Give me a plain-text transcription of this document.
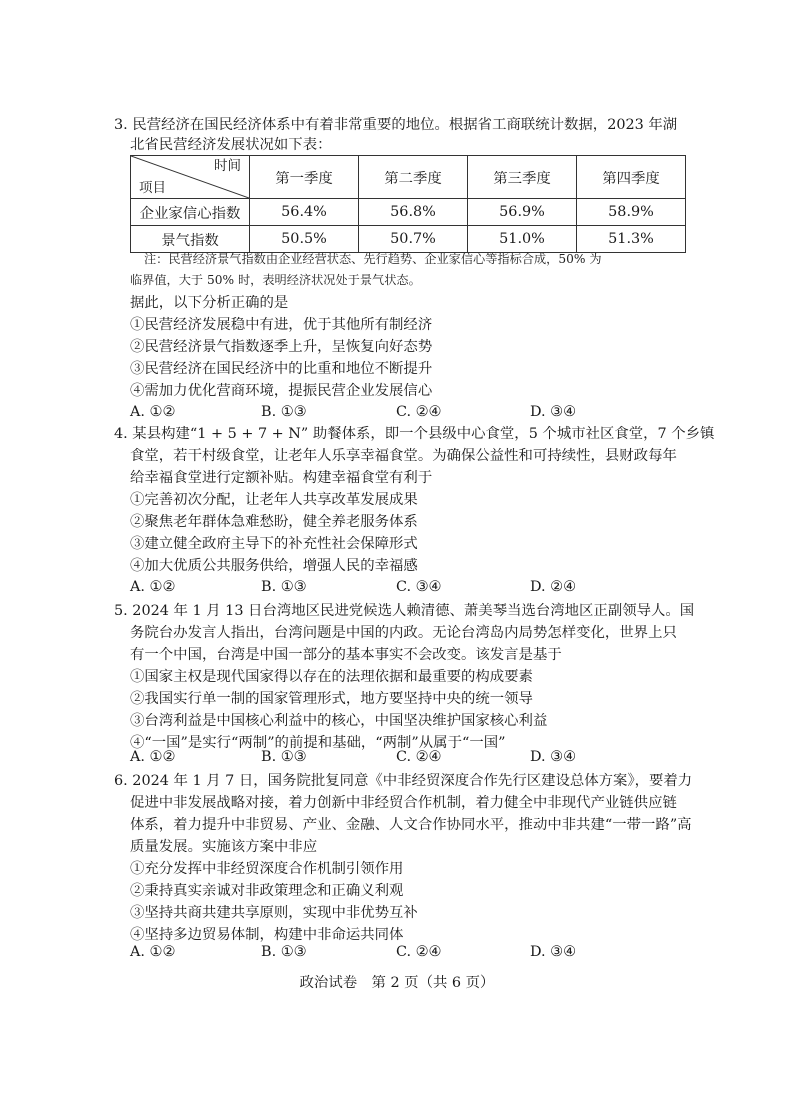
3. 民营经济在国民经济体系中有着非常重要的地位。根据省工商联统计数据，2023 年湖
北省民营经济发展状况如下表：
时间
项目	第一季度	第二季度	第三季度	第四季度
企业家信心指数	56.4%	56.8%	56.9%	58.9%
景气指数	50.5%	50.7%	51.0%	51.3%
注：民营经济景气指数由企业经营状态、先行趋势、企业家信心等指标合成，50% 为
临界值，大于 50% 时，表明经济状况处于景气状态。
据此，以下分析正确的是
①民营经济发展稳中有进，优于其他所有制经济
②民营经济景气指数逐季上升，呈恢复向好态势
③民营经济在国民经济中的比重和地位不断提升
④需加力优化营商环境，提振民营企业发展信心
A. ①②	B. ①③	C. ②④	D. ③④
4. 某县构建“1 + 5 + 7 + N” 助餐体系，即一个县级中心食堂，5 个城市社区食堂，7 个乡镇
食堂，若干村级食堂，让老年人乐享幸福食堂。为确保公益性和可持续性，县财政每年
给幸福食堂进行定额补贴。构建幸福食堂有利于
①完善初次分配，让老年人共享改革发展成果
②聚焦老年群体急难愁盼，健全养老服务体系
③建立健全政府主导下的补充性社会保障形式
④加大优质公共服务供给，增强人民的幸福感
A. ①②	B. ①③	C. ③④	D. ②④
5. 2024 年 1 月 13 日台湾地区民进党候选人赖清德、萧美琴当选台湾地区正副领导人。国
务院台办发言人指出，台湾问题是中国的内政。无论台湾岛内局势怎样变化，世界上只
有一个中国，台湾是中国一部分的基本事实不会改变。该发言是基于
①国家主权是现代国家得以存在的法理依据和最重要的构成要素
②我国实行单一制的国家管理形式，地方要坚持中央的统一领导
③台湾利益是中国核心利益中的核心，中国坚决维护国家核心利益
④“一国”是实行“两制”的前提和基础，“两制”从属于“一国”
A. ①②	B. ①③	C. ②④	D. ③④
6. 2024 年 1 月 7 日，国务院批复同意《中非经贸深度合作先行区建设总体方案》，要着力
促进中非发展战略对接，着力创新中非经贸合作机制，着力健全中非现代产业链供应链
体系，着力提升中非贸易、产业、金融、人文合作协同水平，推动中非共建“一带一路”高
质量发展。实施该方案中非应
①充分发挥中非经贸深度合作机制引领作用
②秉持真实亲诚对非政策理念和正确义利观
③坚持共商共建共享原则，实现中非优势互补
④坚持多边贸易体制，构建中非命运共同体
A. ①②	B. ①③	C. ②④	D. ③④
政治试卷　第 2 页（共 6 页）
